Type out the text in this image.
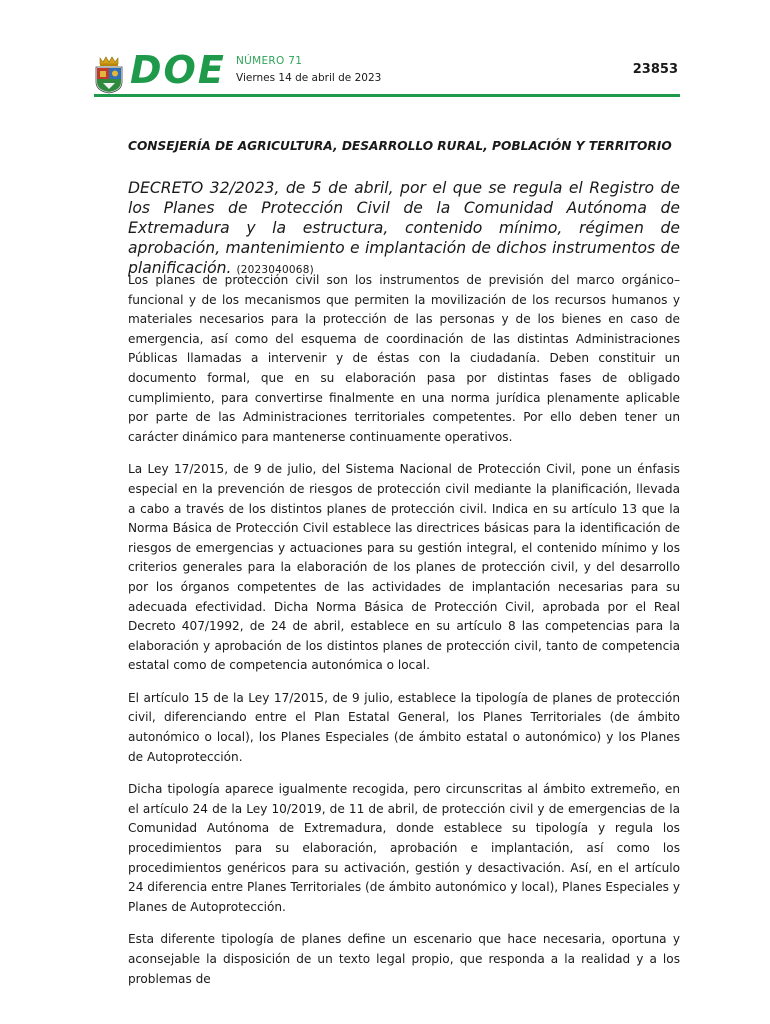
DOE NÚMERO 71
Viernes 14 de abril de 2023
23853
CONSEJERÍA DE AGRICULTURA, DESARROLLO RURAL, POBLACIÓN Y TERRITORIO
DECRETO 32/2023, de 5 de abril, por el que se regula el Registro de los Planes de Protección Civil de la Comunidad Autónoma de Extremadura y la estructura, contenido mínimo, régimen de aprobación, mantenimiento e implantación de dichos instrumentos de planificación. (2023040068)

Los planes de protección civil son los instrumentos de previsión del marco orgánico–funcional y de los mecanismos que permiten la movilización de los recursos humanos y materiales necesarios para la protección de las personas y de los bienes en caso de emergencia, así como del esquema de coordinación de las distintas Administraciones Públicas llamadas a intervenir y de éstas con la ciudadanía. Deben constituir un documento formal, que en su elaboración pasa por distintas fases de obligado cumplimiento, para convertirse finalmente en una norma jurídica plenamente aplicable por parte de las Administraciones territoriales competentes. Por ello deben tener un carácter dinámico para mantenerse continuamente operativos.

La Ley 17/2015, de 9 de julio, del Sistema Nacional de Protección Civil, pone un énfasis especial en la prevención de riesgos de protección civil mediante la planificación, llevada a cabo a través de los distintos planes de protección civil. Indica en su artículo 13 que la Norma Básica de Protección Civil establece las directrices básicas para la identificación de riesgos de emergencias y actuaciones para su gestión integral, el contenido mínimo y los criterios generales para la elaboración de los planes de protección civil, y del desarrollo por los órganos competentes de las actividades de implantación necesarias para su adecuada efectividad. Dicha Norma Básica de Protección Civil, aprobada por el Real Decreto 407/1992, de 24 de abril, establece en su artículo 8 las competencias para la elaboración y aprobación de los distintos planes de protección civil, tanto de competencia estatal como de competencia autonómica o local.

El artículo 15 de la Ley 17/2015, de 9 julio, establece la tipología de planes de protección civil, diferenciando entre el Plan Estatal General, los Planes Territoriales (de ámbito autonómico o local), los Planes Especiales (de ámbito estatal o autonómico) y los Planes de Autoprotección.

Dicha tipología aparece igualmente recogida, pero circunscritas al ámbito extremeño, en el artículo 24 de la Ley 10/2019, de 11 de abril, de protección civil y de emergencias de la Comunidad Autónoma de Extremadura, donde establece su tipología y regula los procedimientos para su elaboración, aprobación e implantación, así como los procedimientos genéricos para su activación, gestión y desactivación. Así, en el artículo 24 diferencia entre Planes Territoriales (de ámbito autonómico y local), Planes Especiales y Planes de Autoprotección.

Esta diferente tipología de planes define un escenario que hace necesaria, oportuna y aconsejable la disposición de un texto legal propio, que responda a la realidad y a los problemas de
